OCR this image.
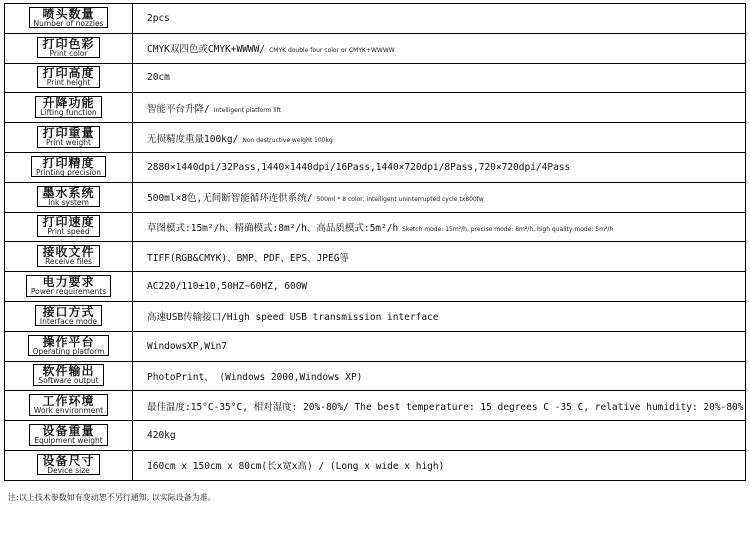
喷头数量
Number of nozzles	2pcs

打印色彩
Print color	CMYK双四色或CMYK+WWWW/ CMYK double four color or CMYK+WWWW

打印高度
Print height	20cm

升降功能
Lifting function	智能平台升降/ Intelligent platform lift

打印重量
Print weight	无损精度重量100kg/ Non destructive weight 100kg

打印精度
Printing precision	2880×1440dpi/32Pass,1440×1440dpi/16Pass,1440×720dpi/8Pass,720×720dpi/4Pass

墨水系统
Ink system	500ml×8色,无间断智能循环连供系统/ 500ml * 8 color, intelligent uninterrupted cycle tx800fw

打印速度
Print speed	草图模式:15m²/h、精确模式:8m²/h、高品质模式:5m²/h Sketch mode: 15m²/h, precise mode: 8m²/h, high quality mode: 5m²/h

接收文件
Receive files	TIFF(RGB&CMYK)、BMP、PDF、EPS、JPEG等

电力要求
Power requirements	AC220/110±10,50HZ~60HZ, 600W

接口方式
Interface mode	高速USB传输接口/High speed USB transmission interface

操作平台
Operating platform	WindowsXP,Win7

软件输出
Software output	PhotoPrint、 (Windows 2000,Windows XP)

工作环境
Work environment	最佳温度:15°C-35°C, 相对湿度: 20%-80%/ The best temperature: 15 degrees C -35 C, relative humidity: 20%-80%

设备重量
Equipment weight	420kg

设备尺寸
Device size	160cm x 150cm x 80cm(长x宽x高) / (Long x wide x high)
注:以上技术参数如有变动恕不另行通知, 以实际设备为准。
